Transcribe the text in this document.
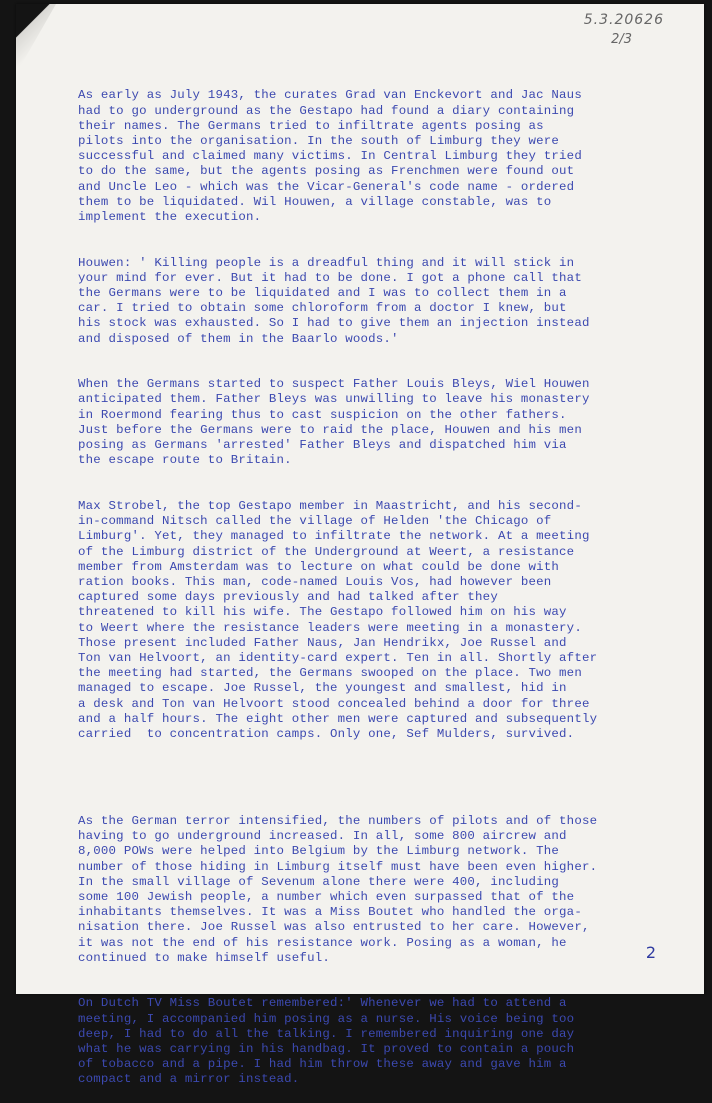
5.3.20626
2/3

As early as July 1943, the curates Grad van Enckevort and Jac Naus
had to go underground as the Gestapo had found a diary containing
their names. The Germans tried to infiltrate agents posing as
pilots into the organisation. In the south of Limburg they were
successful and claimed many victims. In Central Limburg they tried
to do the same, but the agents posing as Frenchmen were found out
and Uncle Leo - which was the Vicar-General's code name - ordered
them to be liquidated. Wil Houwen, a village constable, was to
implement the execution.

Houwen: ' Killing people is a dreadful thing and it will stick in
your mind for ever. But it had to be done. I got a phone call that
the Germans were to be liquidated and I was to collect them in a
car. I tried to obtain some chloroform from a doctor I knew, but
his stock was exhausted. So I had to give them an injection instead
and disposed of them in the Baarlo woods.'

When the Germans started to suspect Father Louis Bleys, Wiel Houwen
anticipated them. Father Bleys was unwilling to leave his monastery
in Roermond fearing thus to cast suspicion on the other fathers.
Just before the Germans were to raid the place, Houwen and his men
posing as Germans 'arrested' Father Bleys and dispatched him via
the escape route to Britain.

Max Strobel, the top Gestapo member in Maastricht, and his second-
in-command Nitsch called the village of Helden 'the Chicago of
Limburg'. Yet, they managed to infiltrate the network. At a meeting
of the Limburg district of the Underground at Weert, a resistance
member from Amsterdam was to lecture on what could be done with
ration books. This man, code-named Louis Vos, had however been
captured some days previously and had talked after they
threatened to kill his wife. The Gestapo followed him on his way
to Weert where the resistance leaders were meeting in a monastery.
Those present included Father Naus, Jan Hendrikx, Joe Russel and
Ton van Helvoort, an identity-card expert. Ten in all. Shortly after
the meeting had started, the Germans swooped on the place. Two men
managed to escape. Joe Russel, the youngest and smallest, hid in
a desk and Ton van Helvoort stood concealed behind a door for three
and a half hours. The eight other men were captured and subsequently
carried  to concentration camps. Only one, Sef Mulders, survived.

As the German terror intensified, the numbers of pilots and of those
having to go underground increased. In all, some 800 aircrew and
8,000 POWs were helped into Belgium by the Limburg network. The
number of those hiding in Limburg itself must have been even higher.
In the small village of Sevenum alone there were 400, including
some 100 Jewish people, a number which even surpassed that of the
inhabitants themselves. It was a Miss Boutet who handled the orga-
nisation there. Joe Russel was also entrusted to her care. However,
it was not the end of his resistance work. Posing as a woman, he
continued to make himself useful.

On Dutch TV Miss Boutet remembered:' Whenever we had to attend a
meeting, I accompanied him posing as a nurse. His voice being too
deep, I had to do all the talking. I remembered inquiring one day
what he was carrying in his handbag. It proved to contain a pouch
of tobacco and a pipe. I had him throw these away and gave him a
compact and a mirror instead.

2
